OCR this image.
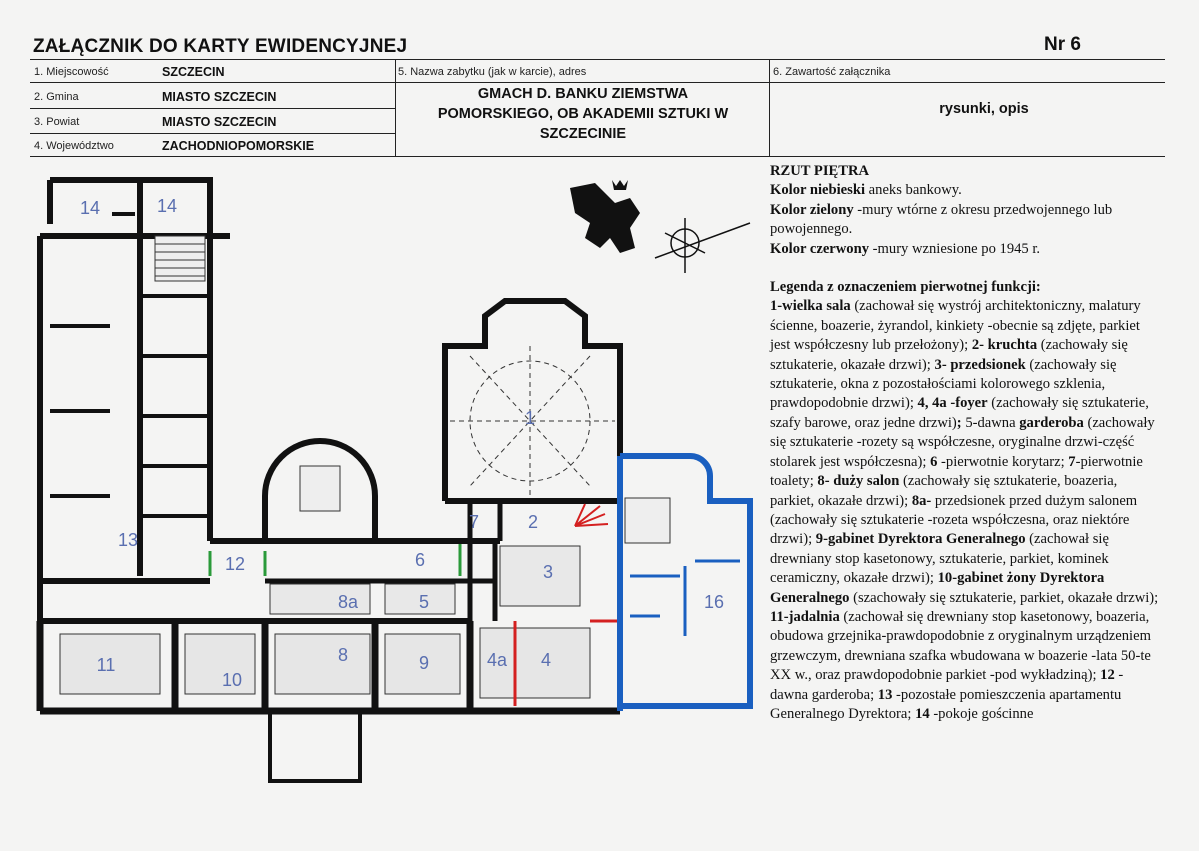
ZAŁĄCZNIK DO KARTY EWIDENCYJNEJ	Nr 6
1. Miejscowość	SZCZECIN
2. Gmina	MIASTO SZCZECIN
3. Powiat	MIASTO SZCZECIN
4. Województwo	ZACHODNIOPOMORSKIE
5. Nazwa zabytku (jak w karcie), adres
GMACH D. BANKU ZIEMSTWA
POMORSKIEGO, OB AKADEMII SZTUKI W
SZCZECINIE
6. Zawartość załącznika
rysunki, opis
14	14
13
1
7	2
3
12	6
8a	5	16
11
10
8	9	4a 4

RZUT PIĘTRA

Kolor niebieski aneks bankowy.

Kolor zielony -mury wtórne z okresu przedwojennego lub powojennego.

Kolor czerwony -mury wzniesione po 1945 r.

Legenda z oznaczeniem pierwotnej funkcji:

1-wielka sala (zachował się wystrój architektoniczny, malatury ścienne, boazerie, żyrandol, kinkiety -obecnie są zdjęte, parkiet jest współczesny lub przełożony); 2- kruchta (zachowały się sztukaterie, okazałe drzwi); 3- przedsionek (zachowały się sztukaterie, okna z pozostałościami kolorowego szklenia, prawdopodobnie drzwi); 4, 4a -foyer (zachowały się sztukaterie, szafy barowe, oraz jedne drzwi); 5-dawna garderoba (zachowały się sztukaterie -rozety są współczesne, oryginalne drzwi-część stolarek jest współczesna); 6 -pierwotnie korytarz; 7-pierwotnie toalety; 8- duży salon (zachowały się sztukaterie, boazeria, parkiet, okazałe drzwi); 8a- przedsionek przed dużym salonem (zachowały się sztukaterie -rozeta współczesna, oraz niektóre drzwi); 9-gabinet Dyrektora Generalnego (zachował się drewniany stop kasetonowy, sztukaterie, parkiet, kominek ceramiczny, okazałe drzwi); 10-gabinet żony Dyrektora Generalnego (szachowały się sztukaterie, parkiet, okazałe drzwi); 11-jadalnia (zachował się drewniany stop kasetonowy, boazeria, obudowa grzejnika-prawdopodobnie z oryginalnym urządzeniem grzewczym, drewniana szafka wbudowana w boazerie -lata 50-te XX w., oraz prawdopodobnie parkiet -pod wykładziną); 12 -dawna garderoba; 13 -pozostałe pomieszczenia apartamentu Generalnego Dyrektora; 14 -pokoje gościnne
